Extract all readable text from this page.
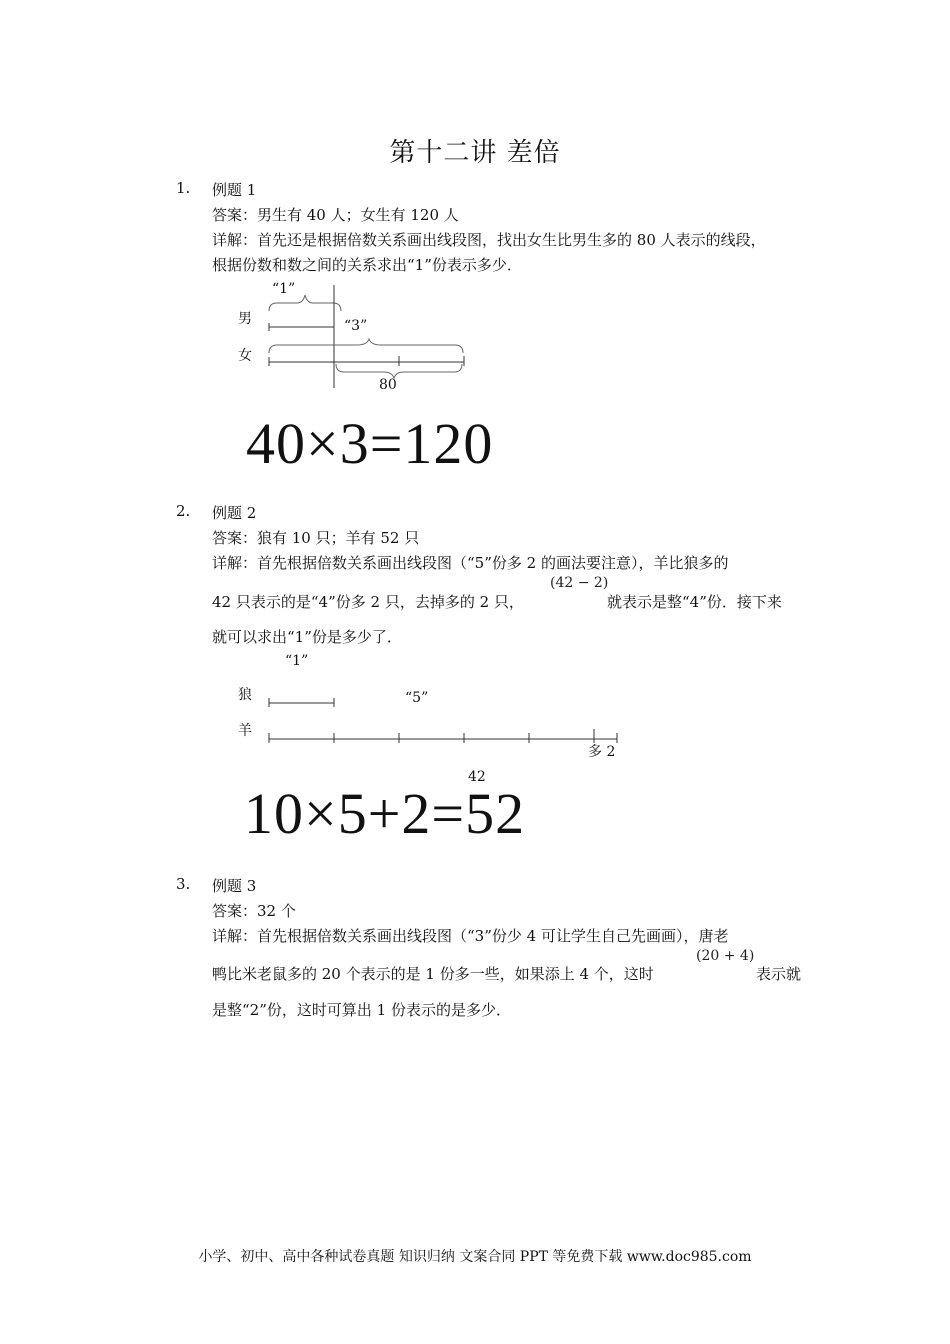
第十二讲 差倍
1. 例题 1
答案：男生有 40 人；女生有 120 人
详解：首先还是根据倍数关系画出线段图，找出女生比男生多的 80 人表示的线段，
根据份数和数之间的关系求出“1”份表示多少．
“1”
“3”
男
女
80
40×3=120
2. 例题 2
答案：狼有 10 只；羊有 52 只
详解：首先根据倍数关系画出线段图（“5”份多 2 的画法要注意），羊比狼多的
42 只表示的是“4”份多 2 只，去掉多的 2 只，
(42 − 2)
就表示是整“4”份．接下来
就可以求出“1”份是多少了．
“1”
狼	“5”
羊
多 2
42
10×5+2=52
3. 例题 3
答案：32 个
详解：首先根据倍数关系画出线段图（“3”份少 4 可让学生自己先画画），唐老
鸭比米老鼠多的 20 个表示的是 1 份多一些，如果添上 4 个，这时
(20 + 4)
表示就
是整“2”份，这时可算出 1 份表示的是多少．
小学、初中、高中各种试卷真题 知识归纳 文案合同 PPT 等免费下载 www.doc985.com
